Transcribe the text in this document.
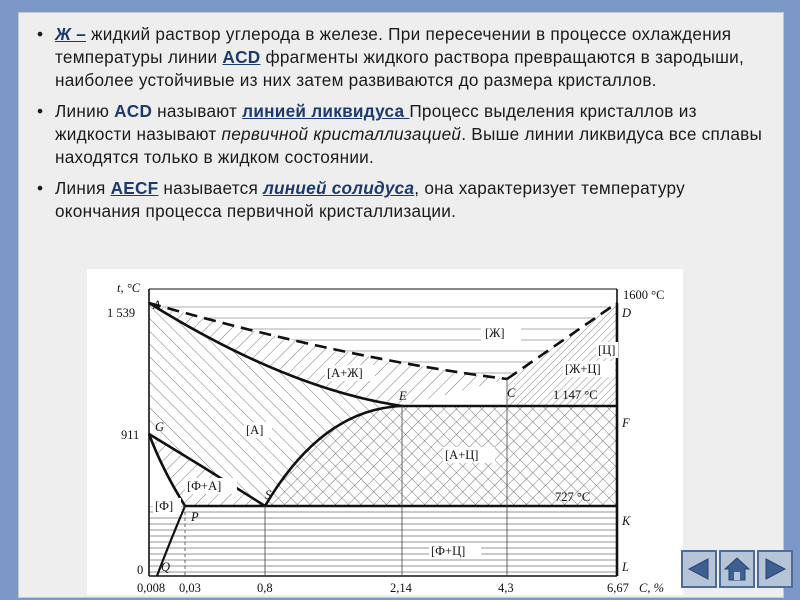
• Ж – жидкий раствор углерода в железе. При пересечении в процессе охлаждения температуры линии ACD фрагменты жидкого раствора превращаются в зародыши, наиболее устойчивые из них затем развиваются до размера кристаллов.
• Линию ACD называют линией ликвидуса Процесс выделения кристаллов из жидкости называют первичной кристаллизацией. Выше линии ликвидуса все сплавы находятся только в жидком состоянии.
• Линия AECF называется линией солидуса, она характеризует температуру окончания процесса первичной кристаллизации.
t, °C
1 539
911
0
1600 °C
1 147 °C
727 °C
0,008 0,03	0,8	2,14	4,3	6,67 C, %
A
G
P
Q
S
E	C
D
F
K
L
[Ж]
[Ц]
[Ж+Ц]
[А+Ж]
[А]
[А+Ц]
[Ф+А]
[Ф]
[Ф+Ц]
